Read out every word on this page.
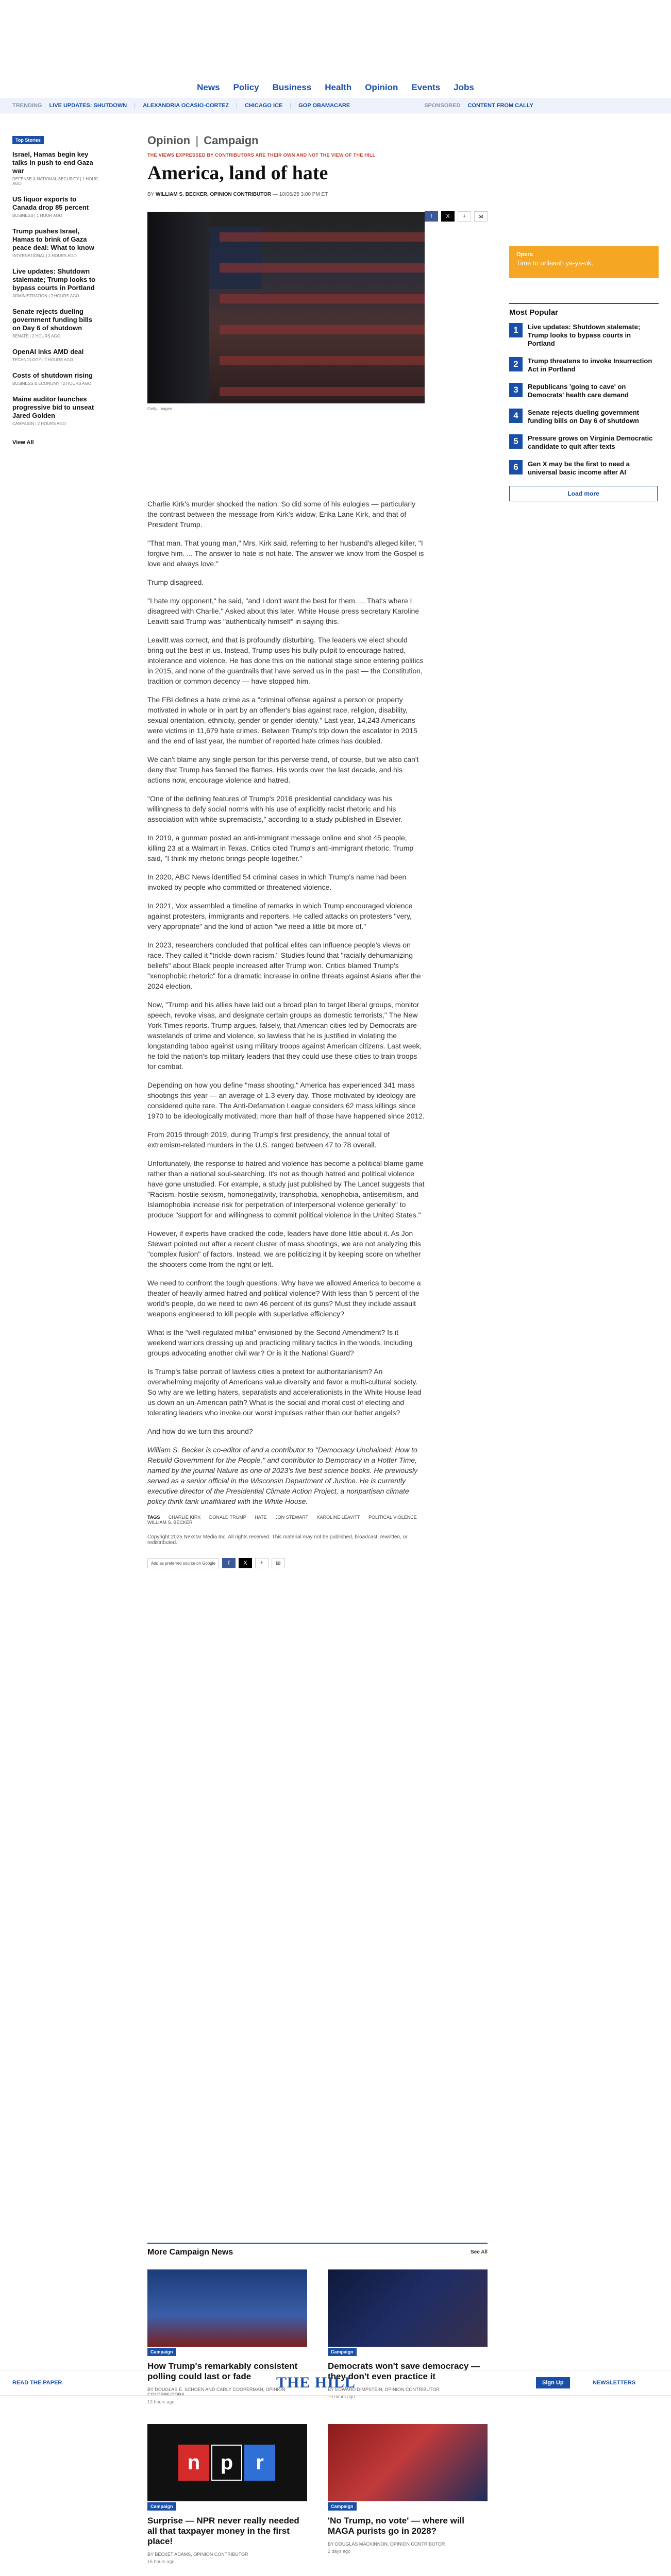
News Policy Business Health Opinion Events Jobs
TRENDING LIVE UPDATES: SHUTDOWN | ALEXANDRIA OCASIO-CORTEZ | CHICAGO ICE | GOP OBAMACARE	SPONSORED CONTENT FROM CALLY
Top Stories
Israel, Hamas begin key talks in push to end Gaza war
DEFENSE & NATIONAL SECURITY | 1 HOUR AGO
US liquor exports to Canada drop 85 percent
BUSINESS | 1 HOUR AGO
Trump pushes Israel, Hamas to brink of Gaza peace deal: What to know
INTERNATIONAL | 2 HOURS AGO
Live updates: Shutdown stalemate; Trump looks to bypass courts in Portland
ADMINISTRATION | 2 HOURS AGO
Senate rejects dueling government funding bills on Day 6 of shutdown
SENATE | 2 HOURS AGO
OpenAI inks AMD deal
TECHNOLOGY | 2 HOURS AGO
Costs of shutdown rising
BUSINESS & ECONOMY | 2 HOURS AGO
Maine auditor launches progressive bid to unseat Jared Golden
CAMPAIGN | 2 HOURS AGO
View All
Opinion | Campaign
THE VIEWS EXPRESSED BY CONTRIBUTORS ARE THEIR OWN AND NOT THE VIEW OF THE HILL
America, land of hate
BY WILLIAM S. BECKER, OPINION CONTRIBUTOR — 10/06/25 3:00 PM ET
f	X	+	✉
Getty Images

Charlie Kirk's murder shocked the nation. So did some of his eulogies — particularly the contrast between the message from Kirk's widow, Erika Lane Kirk, and that of President Trump.

"That man. That young man," Mrs. Kirk said, referring to her husband's alleged killer, "I forgive him. ... The answer to hate is not hate. The answer we know from the Gospel is love and always love."

Trump disagreed.

"I hate my opponent," he said, "and I don't want the best for them. ... That's where I disagreed with Charlie." Asked about this later, White House press secretary Karoline Leavitt said Trump was "authentically himself" in saying this.

Leavitt was correct, and that is profoundly disturbing. The leaders we elect should bring out the best in us. Instead, Trump uses his bully pulpit to encourage hatred, intolerance and violence. He has done this on the national stage since entering politics in 2015, and none of the guardrails that have served us in the past — the Constitution, tradition or common decency — have stopped him.

The FBI defines a hate crime as a "criminal offense against a person or property motivated in whole or in part by an offender's bias against race, religion, disability, sexual orientation, ethnicity, gender or gender identity." Last year, 14,243 Americans were victims in 11,679 hate crimes. Between Trump's trip down the escalator in 2015 and the end of last year, the number of reported hate crimes has doubled.

We can't blame any single person for this perverse trend, of course, but we also can't deny that Trump has fanned the flames. His words over the last decade, and his actions now, encourage violence and hatred.

"One of the defining features of Trump's 2016 presidential candidacy was his willingness to defy social norms with his use of explicitly racist rhetoric and his association with white supremacists," according to a study published in Elsevier.

In 2019, a gunman posted an anti-immigrant message online and shot 45 people, killing 23 at a Walmart in Texas. Critics cited Trump's anti-immigrant rhetoric. Trump said, "I think my rhetoric brings people together."

In 2020, ABC News identified 54 criminal cases in which Trump's name had been invoked by people who committed or threatened violence.

In 2021, Vox assembled a timeline of remarks in which Trump encouraged violence against protesters, immigrants and reporters. He called attacks on protesters "very, very appropriate" and the kind of action "we need a little bit more of."

In 2023, researchers concluded that political elites can influence people's views on race. They called it "trickle-down racism." Studies found that "racially dehumanizing beliefs" about Black people increased after Trump won. Critics blamed Trump's "xenophobic rhetoric" for a dramatic increase in online threats against Asians after the 2024 election.

Now, "Trump and his allies have laid out a broad plan to target liberal groups, monitor speech, revoke visas, and designate certain groups as domestic terrorists," The New York Times reports. Trump argues, falsely, that American cities led by Democrats are wastelands of crime and violence, so lawless that he is justified in violating the longstanding taboo against using military troops against American citizens. Last week, he told the nation's top military leaders that they could use these cities to train troops for combat.

Depending on how you define "mass shooting," America has experienced 341 mass shootings this year — an average of 1.3 every day. Those motivated by ideology are considered quite rare. The Anti-Defamation League considers 62 mass killings since 1970 to be ideologically motivated; more than half of those have happened since 2012.

From 2015 through 2019, during Trump's first presidency, the annual total of extremism-related murders in the U.S. ranged between 47 to 78 overall.

Unfortunately, the response to hatred and violence has become a political blame game rather than a national soul-searching. It's not as though hatred and political violence have gone unstudied. For example, a study just published by The Lancet suggests that "Racism, hostile sexism, homonegativity, transphobia, xenophobia, antisemitism, and Islamophobia increase risk for perpetration of interpersonal violence generally" to produce "support for and willingness to commit political violence in the United States."

However, if experts have cracked the code, leaders have done little about it. As Jon Stewart pointed out after a recent cluster of mass shootings, we are not analyzing this "complex fusion" of factors. Instead, we are politicizing it by keeping score on whether the shooters come from the right or left.

We need to confront the tough questions. Why have we allowed America to become a theater of heavily armed hatred and political violence? With less than 5 percent of the world's people, do we need to own 46 percent of its guns? Must they include assault weapons engineered to kill people with superlative efficiency?

What is the "well-regulated militia" envisioned by the Second Amendment? Is it weekend warriors dressing up and practicing military tactics in the woods, including groups advocating another civil war? Or is it the National Guard?

Is Trump's false portrait of lawless cities a pretext for authoritarianism? An overwhelming majority of Americans value diversity and favor a multi-cultural society. So why are we letting haters, separatists and accelerationists in the White House lead us down an un-American path? What is the social and moral cost of electing and tolerating leaders who invoke our worst impulses rather than our better angels?

And how do we turn this around?

William S. Becker is co-editor of and a contributor to "Democracy Unchained: How to Rebuild Government for the People," and contributor to Democracy in a Hotter Time, named by the journal Nature as one of 2023's five best science books. He previously served as a senior official in the Wisconsin Department of Justice. He is currently executive director of the Presidential Climate Action Project, a nonpartisan climate policy think tank unaffiliated with the White House.

TAGS CHARLIE KIRK DONALD TRUMP HATE JON STEWART KAROLINE LEAVITT POLITICAL VIOLENCE WILLIAM S. BECKER
Copyright 2025 Nexstar Media Inc. All rights reserved. This material may not be published, broadcast, rewritten, or redistributed.
Add as preferred source on Google	f	X	+	✉
Opera
Time to unleash ya-ya-ok.
Most Popular
1	Live updates: Shutdown stalemate; Trump looks to bypass courts in Portland
2	Trump threatens to invoke Insurrection Act in Portland
3	Republicans 'going to cave' on Democrats' health care demand
4	Senate rejects dueling government funding bills on Day 6 of shutdown
5	Pressure grows on Virginia Democratic candidate to quit after texts
6	Gen X may be the first to need a universal basic income after AI
Load more
More Campaign News	See All
Campaign
How Trump's remarkably consistent polling could last or fade
BY DOUGLAS E. SCHOEN AND CARLY COOPERMAN, OPINION CONTRIBUTORS
13 hours ago
Campaign
Democrats won't save democracy — they don't even practice it
BY EDWARD DIMPSTEIN, OPINION CONTRIBUTOR
19 hours ago
n p	r
Campaign
Surprise — NPR never really needed all that taxpayer money in the first place!
BY BECKET ADAMS, OPINION CONTRIBUTOR
16 hours ago
Campaign
'No Trump, no vote' — where will MAGA purists go in 2028?
BY DOUGLAS MACKINNON, OPINION CONTRIBUTOR
2 days ago
READ THE PAPER	THE HILL	Sign Up	NEWSLETTERS
